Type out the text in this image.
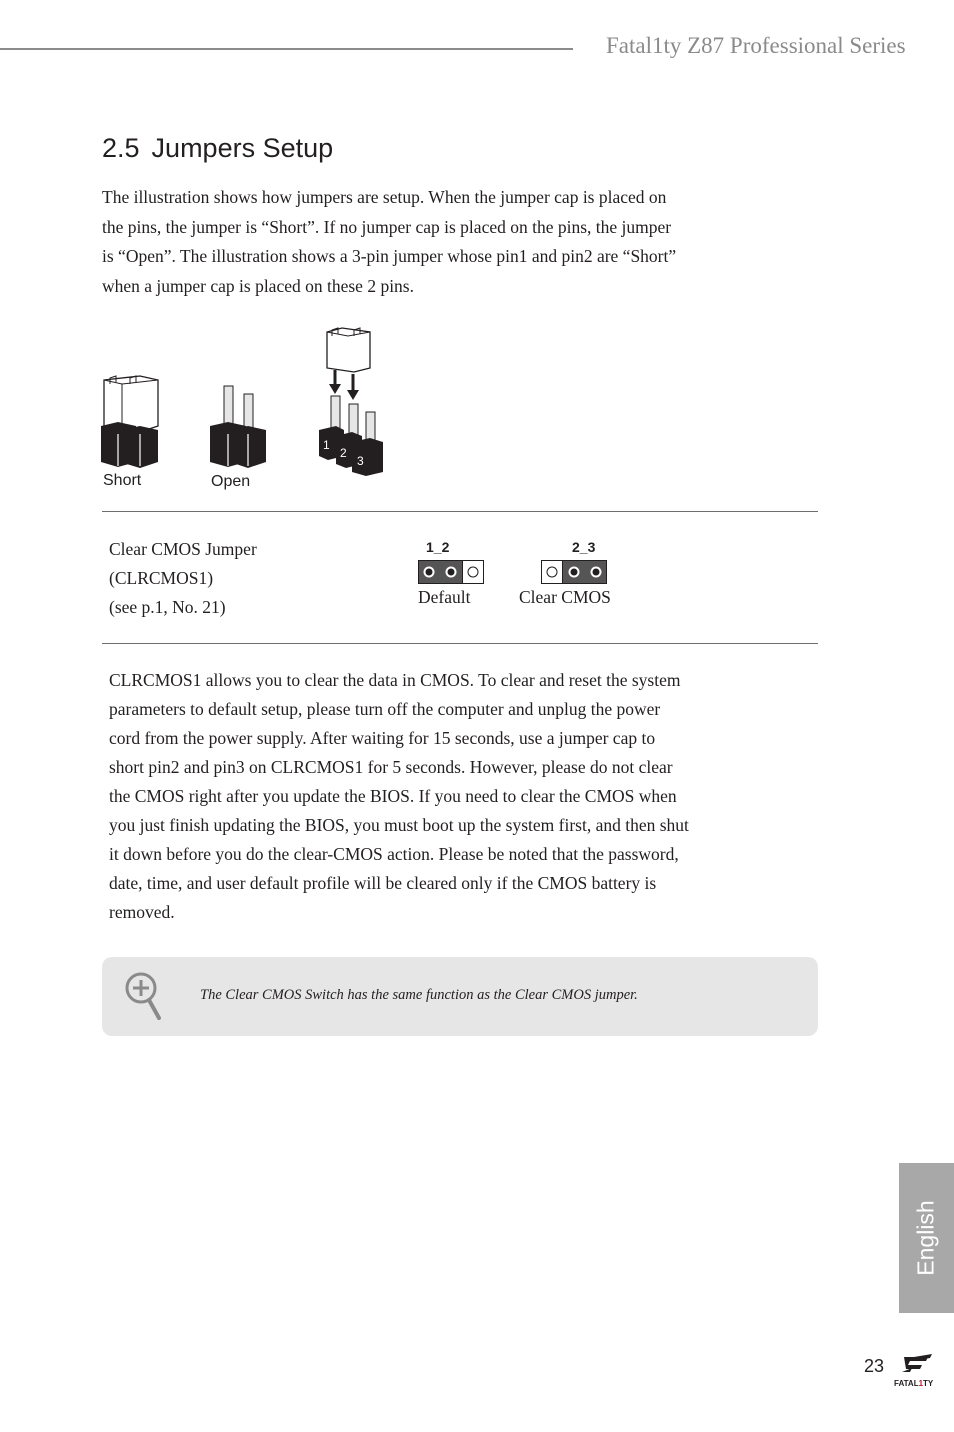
Fatal1ty Z87 Professional Series
2.5 Jumpers Setup

The illustration shows how jumpers are setup. When the jumper cap is placed on
the pins, the jumper is “Short”. If no jumper cap is placed on the pins, the jumper
is “Open”. The illustration shows a 3-pin jumper whose pin1 and pin2 are “Short”
when a jumper cap is placed on these 2 pins.

1
2
3
Short	Open
Clear CMOS Jumper
(CLRCMOS1)
(see p.1, No. 21)
1_2
Default
2_3
Clear CMOS

CLRCMOS1 allows you to clear the data in CMOS. To clear and reset the system
parameters to default setup, please turn off the computer and unplug the power
cord from the power supply. After waiting for 15 seconds, use a jumper cap to
short pin2 and pin3 on CLRCMOS1 for 5 seconds. However, please do not clear
the CMOS right after you update the BIOS. If you need to clear the CMOS when
you just finish updating the BIOS, you must boot up the system first, and then shut
it down before you do the clear-CMOS action. Please be noted that the password,
date, time, and user default profile will be cleared only if the CMOS battery is
removed.

The Clear CMOS Switch has the same function as the Clear CMOS jumper.
English
23
FATAL1TY
